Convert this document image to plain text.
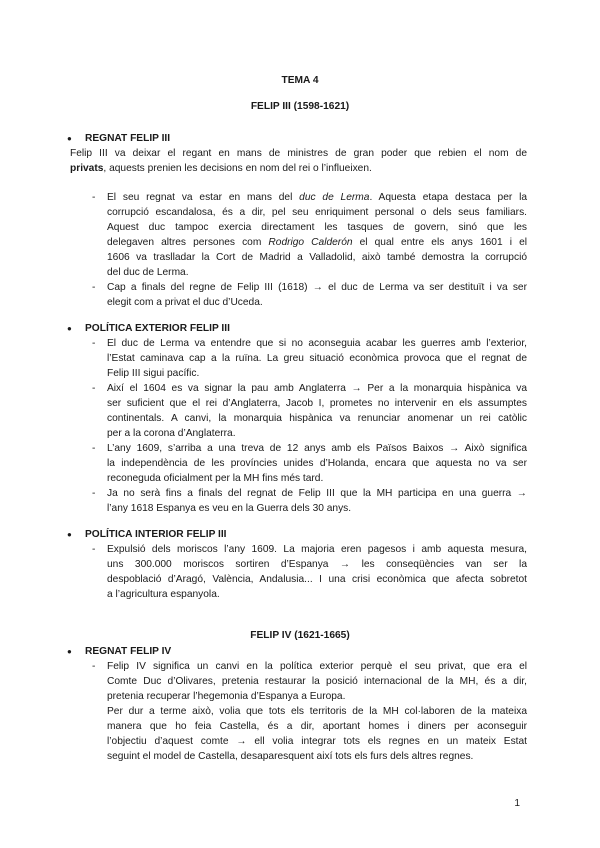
TEMA 4
FELIP III (1598-1621)
● REGNAT FELIP III
Felip III va deixar el regant en mans de ministres de gran poder que rebien el nom de
privats, aquests prenien les decisions en nom del rei o l’influeixen.
- El seu regnat va estar en mans del duc de Lerma. Aquesta etapa destaca per la
corrupció escandalosa, és a dir, pel seu enriquiment personal o dels seus familiars.
Aquest duc tampoc exercia directament les tasques de govern, sinó que les
delegaven altres persones com Rodrigo Calderón el qual entre els anys 1601 i el
1606 va traslladar la Cort de Madrid a Valladolid, això també demostra la corrupció
del duc de Lerma.
- Cap a finals del regne de Felip III (1618) → el duc de Lerma va ser destituït i va ser
elegit com a privat el duc d’Uceda.
● POLÍTICA EXTERIOR FELIP III
- El duc de Lerma va entendre que si no aconseguia acabar les guerres amb l’exterior,
l’Estat caminava cap a la ruïna. La greu situació econòmica provoca que el regnat de
Felip III sigui pacífic.
- Així el 1604 es va signar la pau amb Anglaterra → Per a la monarquia hispànica va
ser suficient que el rei d’Anglaterra, Jacob I, prometes no intervenir en els assumptes
continentals. A canvi, la monarquia hispànica va renunciar anomenar un rei catòlic
per a la corona d’Anglaterra.
- L’any 1609, s’arriba a una treva de 12 anys amb els Països Baixos → Això significa
la independència de les províncies unides d’Holanda, encara que aquesta no va ser
reconeguda oficialment per la MH fins més tard.
- Ja no serà fins a finals del regnat de Felip III que la MH participa en una guerra →
l’any 1618 Espanya es veu en la Guerra dels 30 anys.
● POLÍTICA INTERIOR FELIP III
- Expulsió dels moriscos l’any 1609. La majoria eren pagesos i amb aquesta mesura,
uns 300.000 moriscos sortiren d’Espanya → les conseqüències van ser la
despoblació d’Aragó, València, Andalusia... I una crisi econòmica que afecta sobretot
a l’agricultura espanyola.
FELIP IV (1621-1665)
● REGNAT FELIP IV
- Felip IV significa un canvi en la política exterior perquè el seu privat, que era el
Comte Duc d’Olivares, pretenia restaurar la posició internacional de la MH, és a dir,
pretenia recuperar l’hegemonia d’Espanya a Europa.
Per dur a terme això, volia que tots els territoris de la MH col·laboren de la mateixa
manera que ho feia Castella, és a dir, aportant homes i diners per aconseguir
l’objectiu d’aquest comte → ell volia integrar tots els regnes en un mateix Estat
seguint el model de Castella, desaparesquent així tots els furs dels altres regnes.
1
